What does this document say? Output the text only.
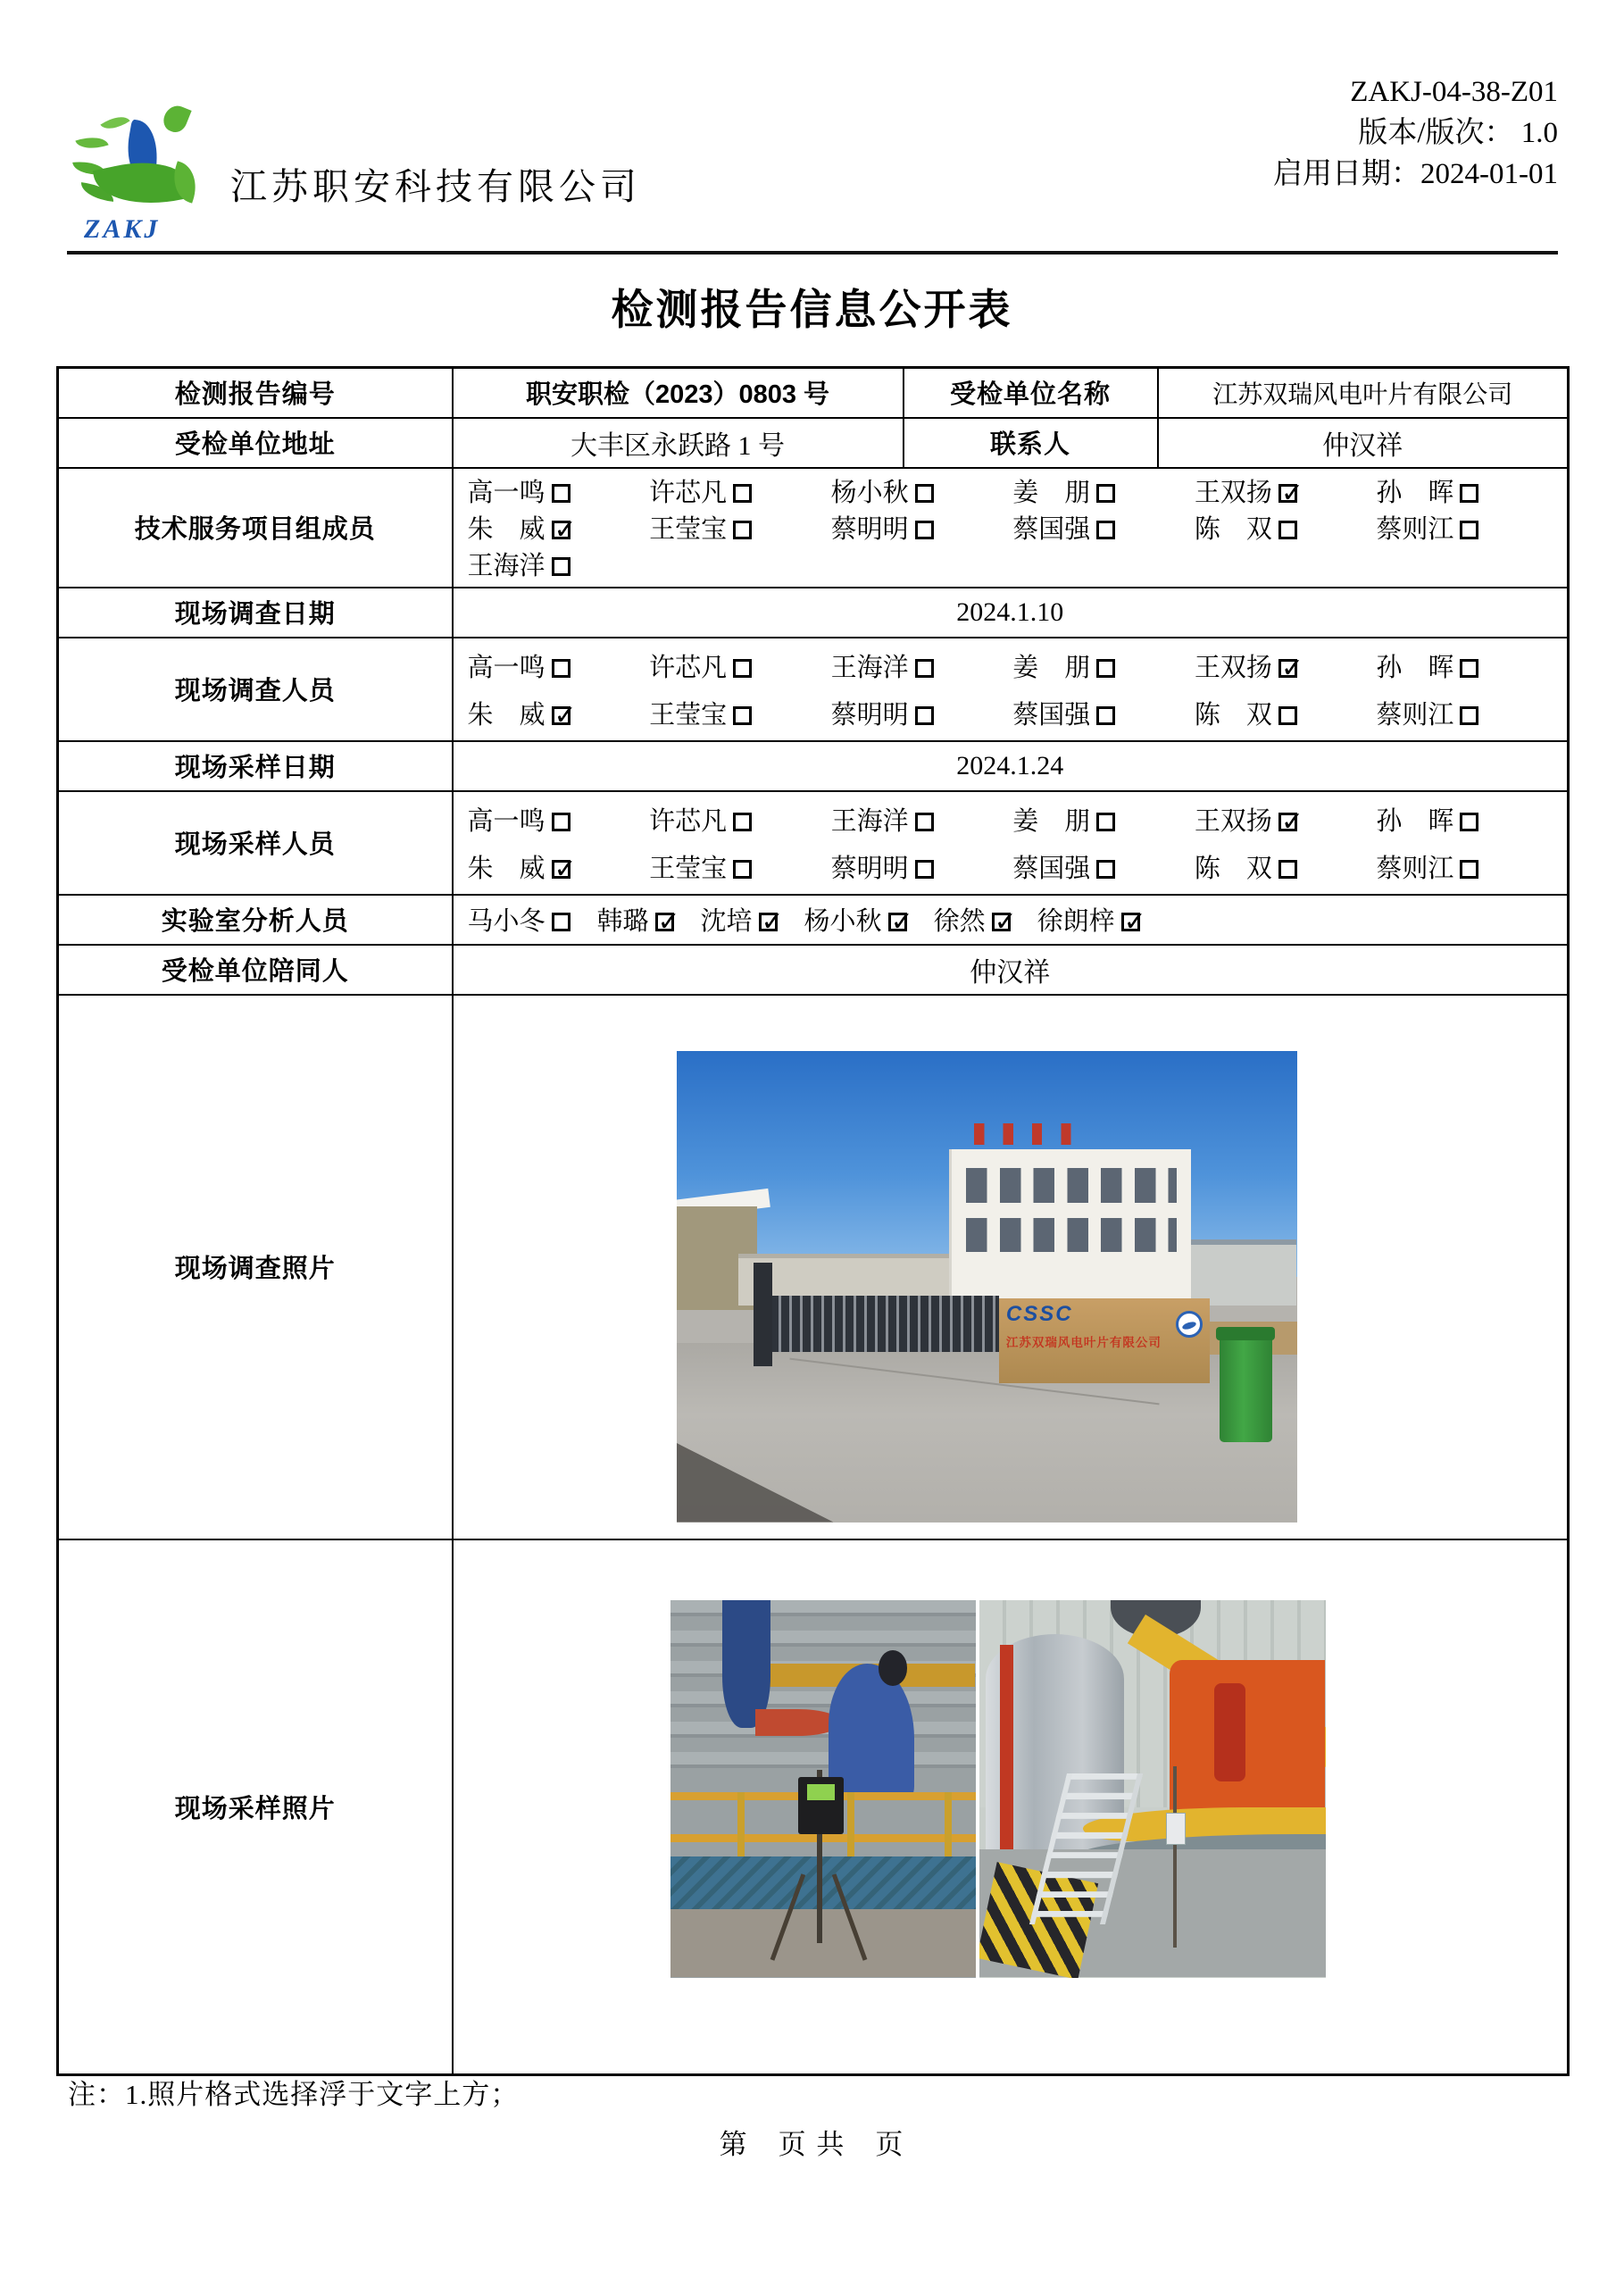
ZAKJ
江苏职安科技有限公司
ZAKJ-04-38-Z01
版本/版次： 1.0
启用日期：2024-01-01
检测报告信息公开表
检测报告编号	职安职检（2023）0803 号	受检单位名称	江苏双瑞风电叶片有限公司
受检单位地址	大丰区永跃路 1 号	联系人	仲汉祥
技术服务项目组成员	
高一鸣	许芯凡	杨小秋	姜　朋	王双扬 ✓	孙　晖
朱　威 ✓	王莹宝	蔡明明	蔡国强	陈　双	蔡则江
王海洋

现场调查日期	2024.1.10		
现场调查人员	
高一鸣	许芯凡	王海洋	姜　朋	王双扬 ✓	孙　晖
朱　威 ✓	王莹宝	蔡明明	蔡国强	陈　双	蔡则江

现场采样日期	2024.1.24		
现场采样人员	
高一鸣	许芯凡	王海洋	姜　朋	王双扬 ✓	孙　晖
朱　威 ✓	王莹宝	蔡明明	蔡国强	陈　双	蔡则江

实验室分析人员	马小冬	韩璐 ✓	沈培 ✓	杨小秋 ✓	徐然 ✓	徐朗梓✓

受检单位陪同人	仲汉祥		
现场调查照片	CSSC
江苏双瑞风电叶片有限公司		

现场采样照片			
注：1.照片格式选择浮于文字上方；
第　页 共　页
